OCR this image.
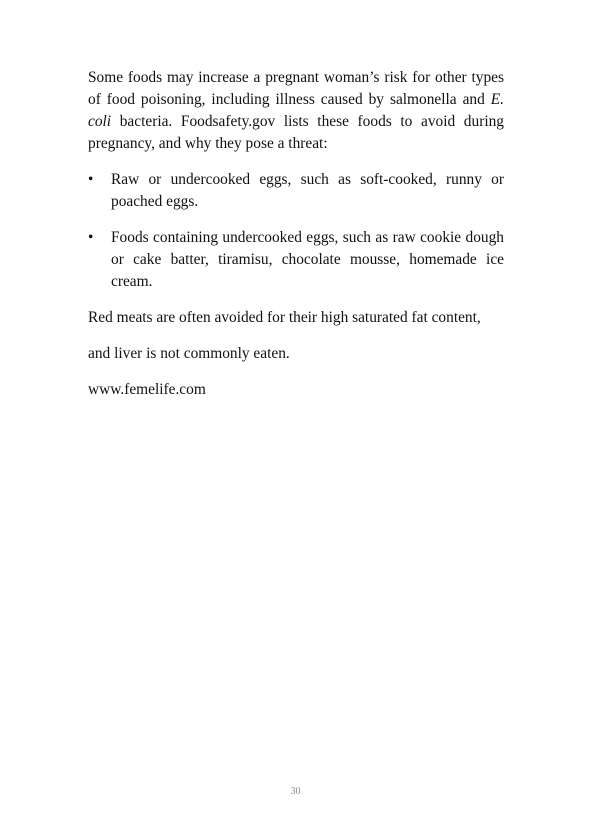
Some foods may increase a pregnant woman’s risk for other types of food poisoning, including illness caused by salmonella and E. coli bacteria. Foodsafety.gov lists these foods to avoid during pregnancy, and why they pose a threat:

• Raw or undercooked eggs, such as soft-cooked, runny or poached eggs.
• Foods containing undercooked eggs, such as raw cookie dough or cake batter, tiramisu, chocolate mousse, homemade ice cream.

Red meats are often avoided for their high saturated fat content,

and liver is not commonly eaten.

www.femelife.com

30
